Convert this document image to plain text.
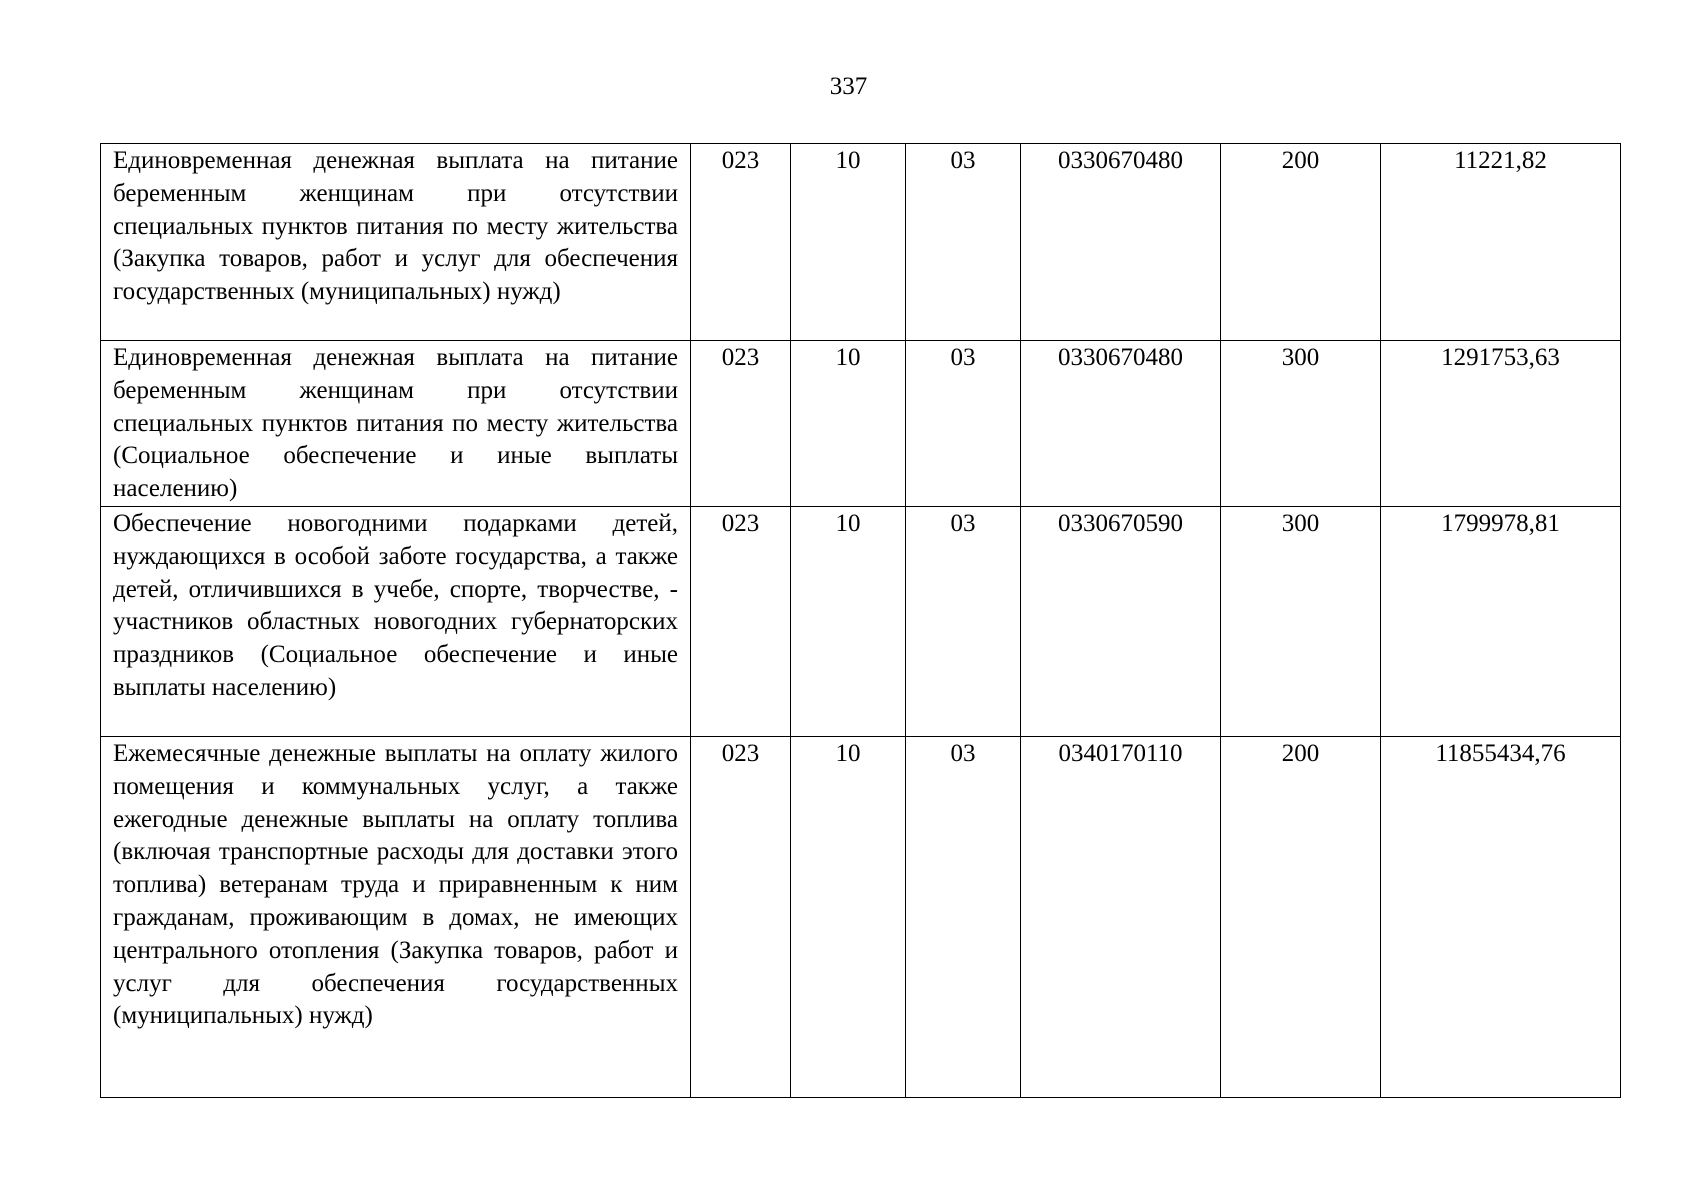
337
Единовременная денежная выплата на питание беременным женщинам при отсутствии специальных пунктов питания по месту жительства (Закупка товаров, работ и услуг для обеспечения государственных (муниципальных) нужд)	023	10	03	0330670480	200	11221,82
Единовременная денежная выплата на питание беременным женщинам при отсутствии специальных пунктов питания по месту жительства (Социальное обеспечение и иные выплаты населению)	023	10	03	0330670480	300	1291753,63
Обеспечение новогодними подарками детей, нуждающихся в особой заботе государства, а также детей, отличившихся в учебе, спорте, творчестве, - участников областных новогодних губернаторских праздников (Социальное обеспечение и иные выплаты населению)	023	10	03	0330670590	300	1799978,81
Ежемесячные денежные выплаты на оплату жилого помещения и коммунальных услуг, а также ежегодные денежные выплаты на оплату топлива (включая транспортные расходы для доставки этого топлива) ветеранам труда и приравненным к ним гражданам, проживающим в домах, не имеющих центрального отопления (Закупка товаров, работ и услуг для обеспечения государственных (муниципальных) нужд)	023	10	03	0340170110	200	11855434,76
